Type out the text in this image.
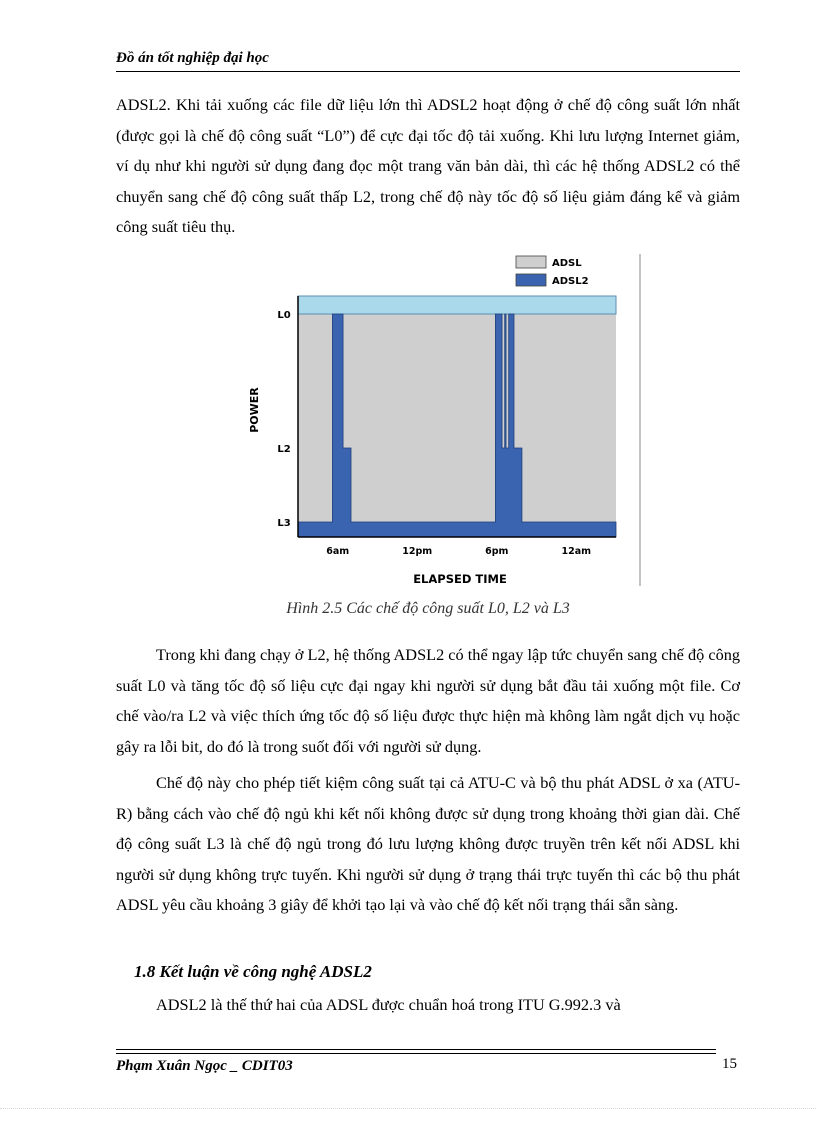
Đồ án tốt nghiệp đại học

ADSL2. Khi tải xuống các file dữ liệu lớn thì ADSL2 hoạt động ở chế độ công suất lớn nhất (được gọi là chế độ công suất “L0”) để cực đại tốc độ tải xuống. Khi lưu lượng Internet giảm, ví dụ như khi người sử dụng đang đọc một trang văn bản dài, thì các hệ thống ADSL2 có thể chuyển sang chế độ công suất thấp L2, trong chế độ này tốc độ số liệu giảm đáng kể và giảm công suất tiêu thụ.

L0
L2
L3
6am	12pm	6pm	12am
ADSL
ADSL2
POWER
ELAPSED TIME
Hình 2.5 Các chế độ công suất L0, L2 và L3

Trong khi đang chạy ở L2, hệ thống ADSL2 có thể ngay lập tức chuyển sang chế độ công suất L0 và tăng tốc độ số liệu cực đại ngay khi người sử dụng bắt đầu tải xuống một file. Cơ chế vào/ra L2 và việc thích ứng tốc độ số liệu được thực hiện mà không làm ngắt dịch vụ hoặc gây ra lỗi bit, do đó là trong suốt đối với người sử dụng.

Chế độ này cho phép tiết kiệm công suất tại cả ATU-C và bộ thu phát ADSL ở xa (ATU-R) bằng cách vào chế độ ngủ khi kết nối không được sử dụng trong khoảng thời gian dài. Chế độ công suất L3 là chế độ ngủ trong đó lưu lượng không được truyền trên kết nối ADSL khi người sử dụng không trực tuyến. Khi người sử dụng ở trạng thái trực tuyến thì các bộ thu phát ADSL yêu cầu khoảng 3 giây để khởi tạo lại và vào chế độ kết nối trạng thái sẵn sàng.

1.8 Kết luận về công nghệ ADSL2

ADSL2 là thế thứ hai của ADSL được chuẩn hoá trong ITU G.992.3 và

Phạm Xuân Ngọc _ CDIT03	15
